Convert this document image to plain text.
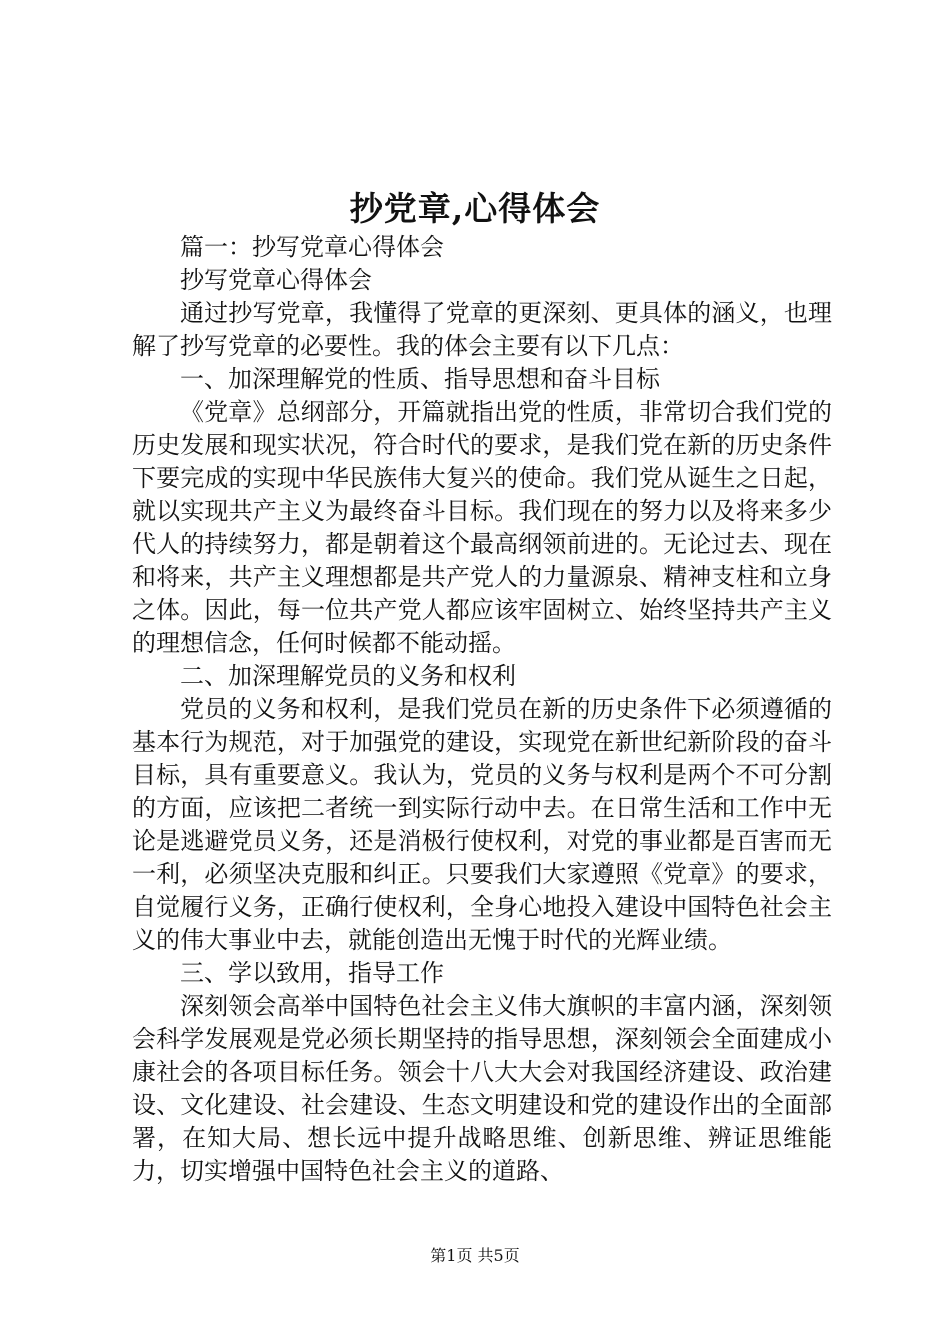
抄党章,心得体会

篇一：抄写党章心得体会

抄写党章心得体会

通过抄写党章，我懂得了党章的更深刻、更具体的涵义，也理解了抄写党章的必要性。我的体会主要有以下几点：

一、加深理解党的性质、指导思想和奋斗目标

《党章》总纲部分，开篇就指出党的性质，非常切合我们党的历史发展和现实状况，符合时代的要求，是我们党在新的历史条件下要完成的实现中华民族伟大复兴的使命。我们党从诞生之日起，就以实现共产主义为最终奋斗目标。我们现在的努力以及将来多少代人的持续努力，都是朝着这个最高纲领前进的。无论过去、现在和将来，共产主义理想都是共产党人的力量源泉、精神支柱和立身之体。因此，每一位共产党人都应该牢固树立、始终坚持共产主义的理想信念，任何时候都不能动摇。

二、加深理解党员的义务和权利

党员的义务和权利，是我们党员在新的历史条件下必须遵循的基本行为规范，对于加强党的建设，实现党在新世纪新阶段的奋斗目标，具有重要意义。我认为，党员的义务与权利是两个不可分割的方面，应该把二者统一到实际行动中去。在日常生活和工作中无论是逃避党员义务，还是消极行使权利，对党的事业都是百害而无一利，必须坚决克服和纠正。只要我们大家遵照《党章》的要求，自觉履行义务，正确行使权利，全身心地投入建设中国特色社会主义的伟大事业中去，就能创造出无愧于时代的光辉业绩。

三、学以致用，指导工作

深刻领会高举中国特色社会主义伟大旗帜的丰富内涵，深刻领会科学发展观是党必须长期坚持的指导思想，深刻领会全面建成小康社会的各项目标任务。领会十八大大会对我国经济建设、政治建设、文化建设、社会建设、生态文明建设和党的建设作出的全面部署，在知大局、想长远中提升战略思维、创新思维、辨证思维能力，切实增强中国特色社会主义的道路、

第1页 共5页
